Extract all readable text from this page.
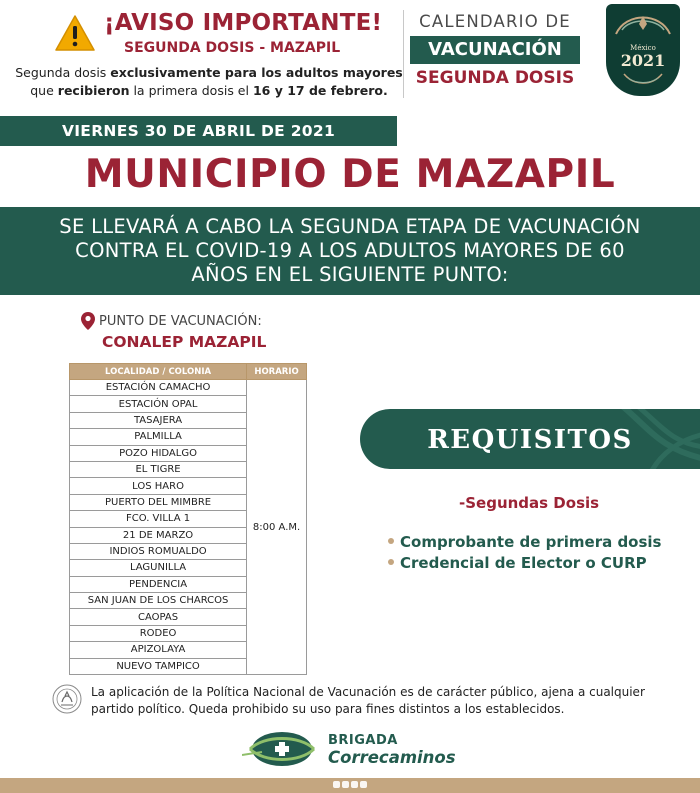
¡AVISO IMPORTANTE!
SEGUNDA DOSIS - MAZAPIL
Segunda dosis exclusivamente para los adultos mayores
que recibieron la primera dosis el 16 y 17 de febrero.
CALENDARIO DE
VACUNACIÓN
SEGUNDA DOSIS
México
2021
VIERNES 30 DE ABRIL DE 2021
MUNICIPIO DE MAZAPIL
SE LLEVARÁ A CABO LA SEGUNDA ETAPA DE VACUNACIÓN
CONTRA EL COVID-19 A LOS ADULTOS MAYORES DE 60
AÑOS EN EL SIGUIENTE PUNTO:
PUNTO DE VACUNACIÓN:
CONALEP MAZAPIL
LOCALIDAD / COLONIA	HORARIO
ESTACIÓN CAMACHO	8:00 A.M.
ESTACIÓN OPAL	
TASAJERA	
PALMILLA	
POZO HIDALGO	
EL TIGRE	
LOS HARO	
PUERTO DEL MIMBRE	
FCO. VILLA 1	
21 DE MARZO	
INDIOS ROMUALDO	
LAGUNILLA	
PENDENCIA	
SAN JUAN DE LOS CHARCOS	
CAOPAS	
RODEO	
APIZOLAYA	
NUEVO TAMPICO	
REQUISITOS
-Segundas Dosis
Comprobante de primera dosis
Credencial de Elector o CURP
La aplicación de la Política Nacional de Vacunación es de carácter público, ajena a cualquier
partido político. Queda prohibido su uso para fines distintos a los establecidos.
BRIGADA
Correcaminos
